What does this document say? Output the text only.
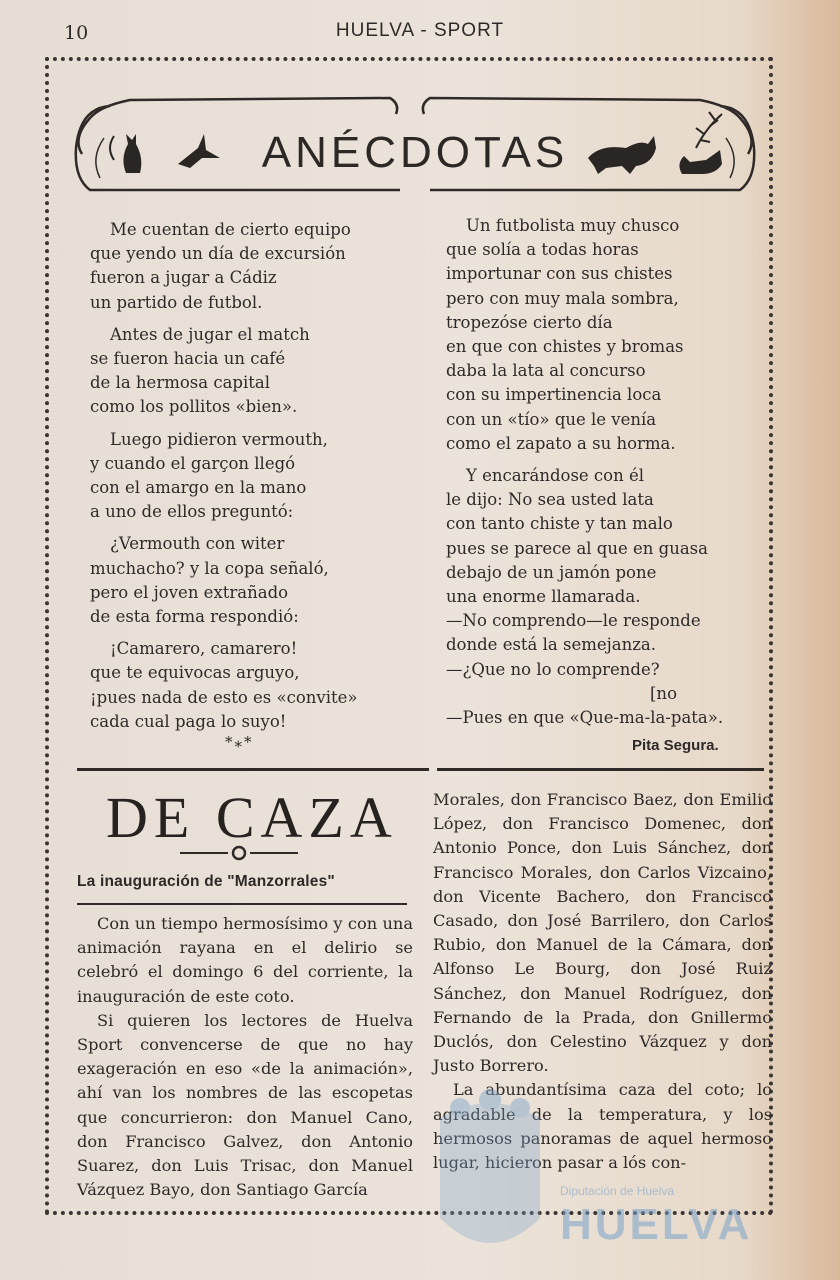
10	HUELVA - SPORT
ANÉCDOTAS
Me cuentan de cierto equipo
que yendo un día de excursión
fueron a jugar a Cádiz
un partido de futbol.
Antes de jugar el match
se fueron hacia un café
de la hermosa capital
como los pollitos «bien».
Luego pidieron vermouth,
y cuando el garçon llegó
con el amargo en la mano
a uno de ellos preguntó:
¿Vermouth con witer
muchacho? y la copa señaló,
pero el joven extrañado
de esta forma respondió:
¡Camarero, camarero!
que te equivocas arguyo,
¡pues nada de esto es «convite»
cada cual paga lo suyo!
Un futbolista muy chusco
que solía a todas horas
importunar con sus chistes
pero con muy mala sombra,
tropezóse cierto día
en que con chistes y bromas
daba la lata al concurso
con su impertinencia loca
con un «tío» que le venía
como el zapato a su horma.
Y encarándose con él
le dijo: No sea usted lata
con tanto chiste y tan malo
pues se parece al que en guasa
debajo de un jamón pone
una enorme llamarada.
—No comprendo—le responde
donde está la semejanza.
—¿Que no lo comprende?
[no
—Pues en que «Que-ma-la-pata».
*⁎*	Pita Segura.
DE CAZA
La inauguración de "Manzorrales"

Con un tiempo hermosísimo y con una animación rayana en el delirio se celebró el domingo 6 del corriente, la inauguración de este coto.

Si quieren los lectores de Huelva Sport convencerse de que no hay exageración en eso «de la animación», ahí van los nombres de las escopetas que concurrieron: don Manuel Cano, don Francisco Galvez, don Antonio Suarez, don Luis Trisac, don Manuel Vázquez Bayo, don Santiago García

Morales, don Francisco Baez, don Emilio López, don Francisco Domenec, don Antonio Ponce, don Luis Sánchez, don Francisco Morales, don Carlos Vizcaino, don Vicente Bachero, don Francisco Casado, don José Barrilero, don Carlos Rubio, don Manuel de la Cámara, don Alfonso Le Bourg, don José Ruiz Sánchez, don Manuel Rodríguez, don Fernando de la Prada, don Gnillermo Duclós, don Celestino Vázquez y don Justo Borrero.

La abundantísima caza del coto; lo agradable de la temperatura, y los hermosos panoramas de aquel hermoso lugar, hicieron pasar a lós con-

Diputación de Huelva
HUELVA
